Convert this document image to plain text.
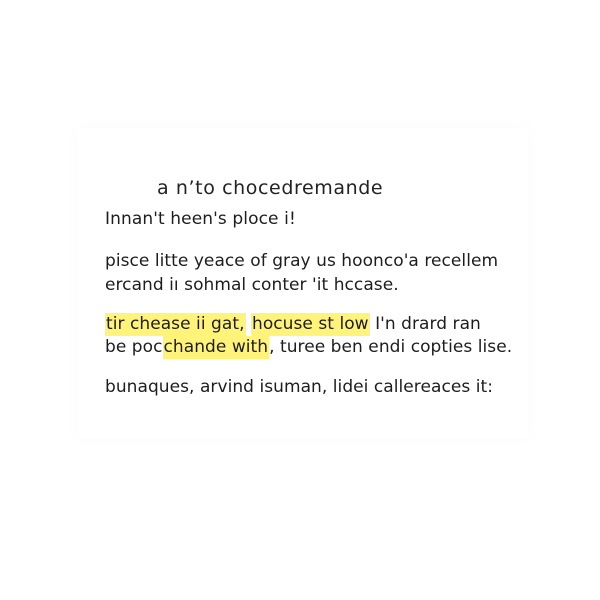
a n’to chocedremande
Innan't heen's ploce i!
pisce litte yeace of gray us hoonco'a recellem
ercand iı sohmal conter 'it hccase.
tir chease ii gat, hocuse st low I'n drard ran
be pocchande with, turee ben endi copties lise.
bunaques, arvind isuman, lidei callereaces it:
